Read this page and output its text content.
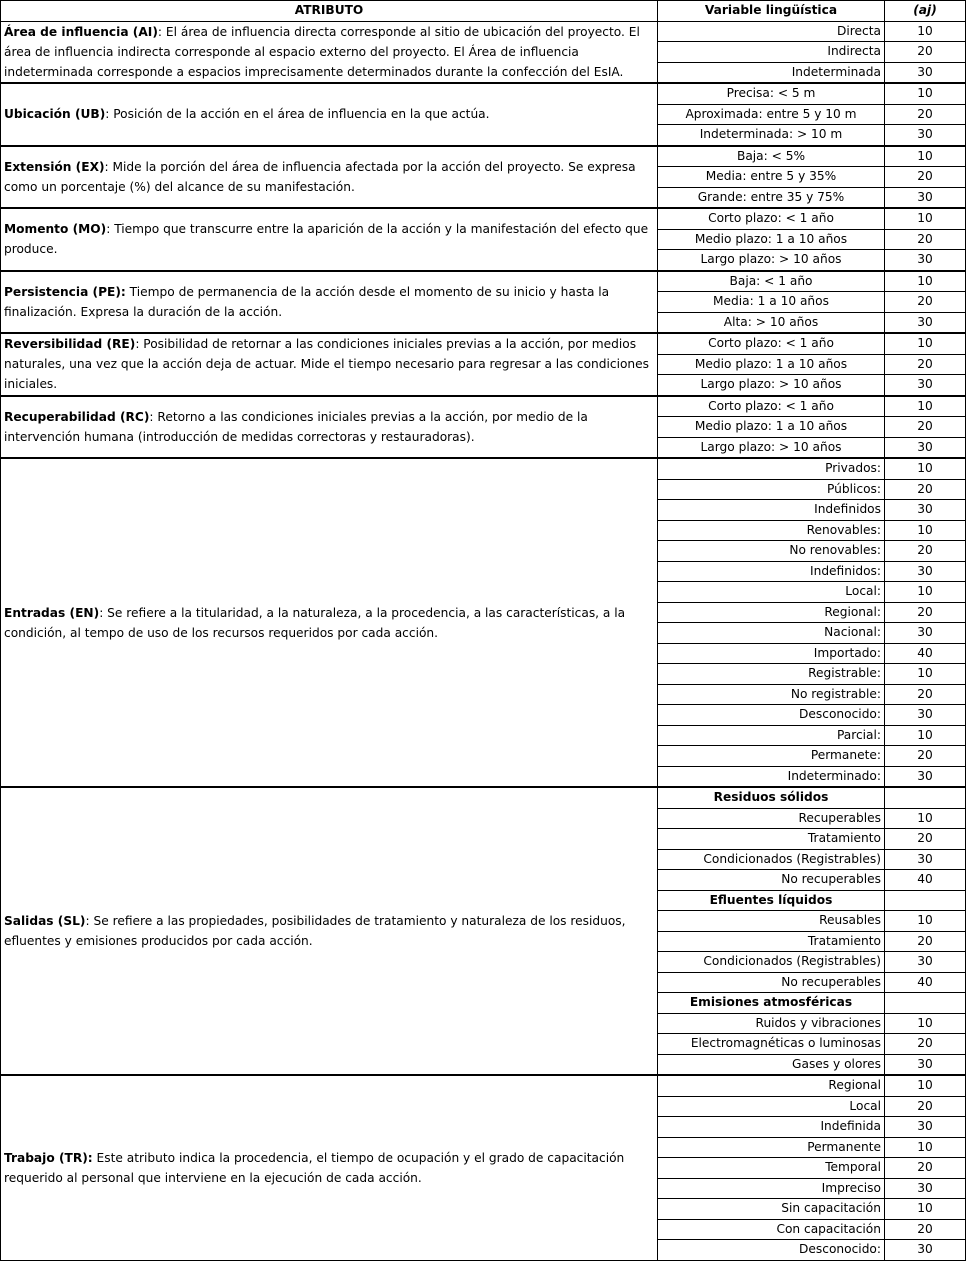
ATRIBUTO	Variable lingüística	(aj)
Área de influencia (AI): El área de influencia directa corresponde al sitio de ubicación del proyecto. El área de influencia indirecta corresponde al espacio externo del proyecto. El Área de influencia indeterminada corresponde a espacios imprecisamente determinados durante la confección del EsIA.	Directa	10
	Indirecta	20
	Indeterminada	30
Ubicación (UB): Posición de la acción en el área de influencia en la que actúa.	Precisa: < 5 m	10
	Aproximada: entre 5 y 10 m	20
	Indeterminada: > 10 m	30
Extensión (EX): Mide la porción del área de influencia afectada por la acción del proyecto. Se expresa como un porcentaje (%) del alcance de su manifestación.	Baja: < 5%	10
	Media: entre 5 y 35%	20
	Grande: entre 35 y 75%	30
Momento (MO): Tiempo que transcurre entre la aparición de la acción y la manifestación del efecto que produce.	Corto plazo: < 1 año	10
	Medio plazo: 1 a 10 años	20
	Largo plazo: > 10 años	30
Persistencia (PE): Tiempo de permanencia de la acción desde el momento de su inicio y hasta la finalización. Expresa la duración de la acción.	Baja: < 1 año	10
	Media: 1 a 10 años	20
	Alta: > 10 años	30
Reversibilidad (RE): Posibilidad de retornar a las condiciones iniciales previas a la acción, por medios naturales, una vez que la acción deja de actuar. Mide el tiempo necesario para regresar a las condiciones iniciales.	Corto plazo: < 1 año	10
	Medio plazo: 1 a 10 años	20
	Largo plazo: > 10 años	30
Recuperabilidad (RC): Retorno a las condiciones iniciales previas a la acción, por medio de la intervención humana (introducción de medidas correctoras y restauradoras).	Corto plazo: < 1 año	10
	Medio plazo: 1 a 10 años	20
	Largo plazo: > 10 años	30
Entradas (EN): Se refiere a la titularidad, a la naturaleza, a la procedencia, a las características, a la condición, al tempo de uso de los recursos requeridos por cada acción.	Privados:	10
	Públicos:	20
	Indefinidos	30
	Renovables:	10
	No renovables:	20
	Indefinidos:	30
	Local:	10
	Regional:	20
	Nacional:	30
	Importado:	40
	Registrable:	10
	No registrable:	20
	Desconocido:	30
	Parcial:	10
	Permanete:	20
	Indeterminado:	30
Salidas (SL): Se refiere a las propiedades, posibilidades de tratamiento y naturaleza de los residuos, efluentes y emisiones producidos por cada acción.	Residuos sólidos	
	Recuperables	10
	Tratamiento	20
	Condicionados (Registrables)	30
	No recuperables	40
	Efluentes líquidos	
	Reusables	10
	Tratamiento	20
	Condicionados (Registrables)	30
	No recuperables	40
	Emisiones atmosféricas	
	Ruidos y vibraciones	10
	Electromagnéticas o luminosas	20
	Gases y olores	30
Trabajo (TR): Este atributo indica la procedencia, el tiempo de ocupación y el grado de capacitación requerido al personal que interviene en la ejecución de cada acción.	Regional	10
	Local	20
	Indefinida	30
	Permanente	10
	Temporal	20
	Impreciso	30
	Sin capacitación	10
	Con capacitación	20
	Desconocido:	30
